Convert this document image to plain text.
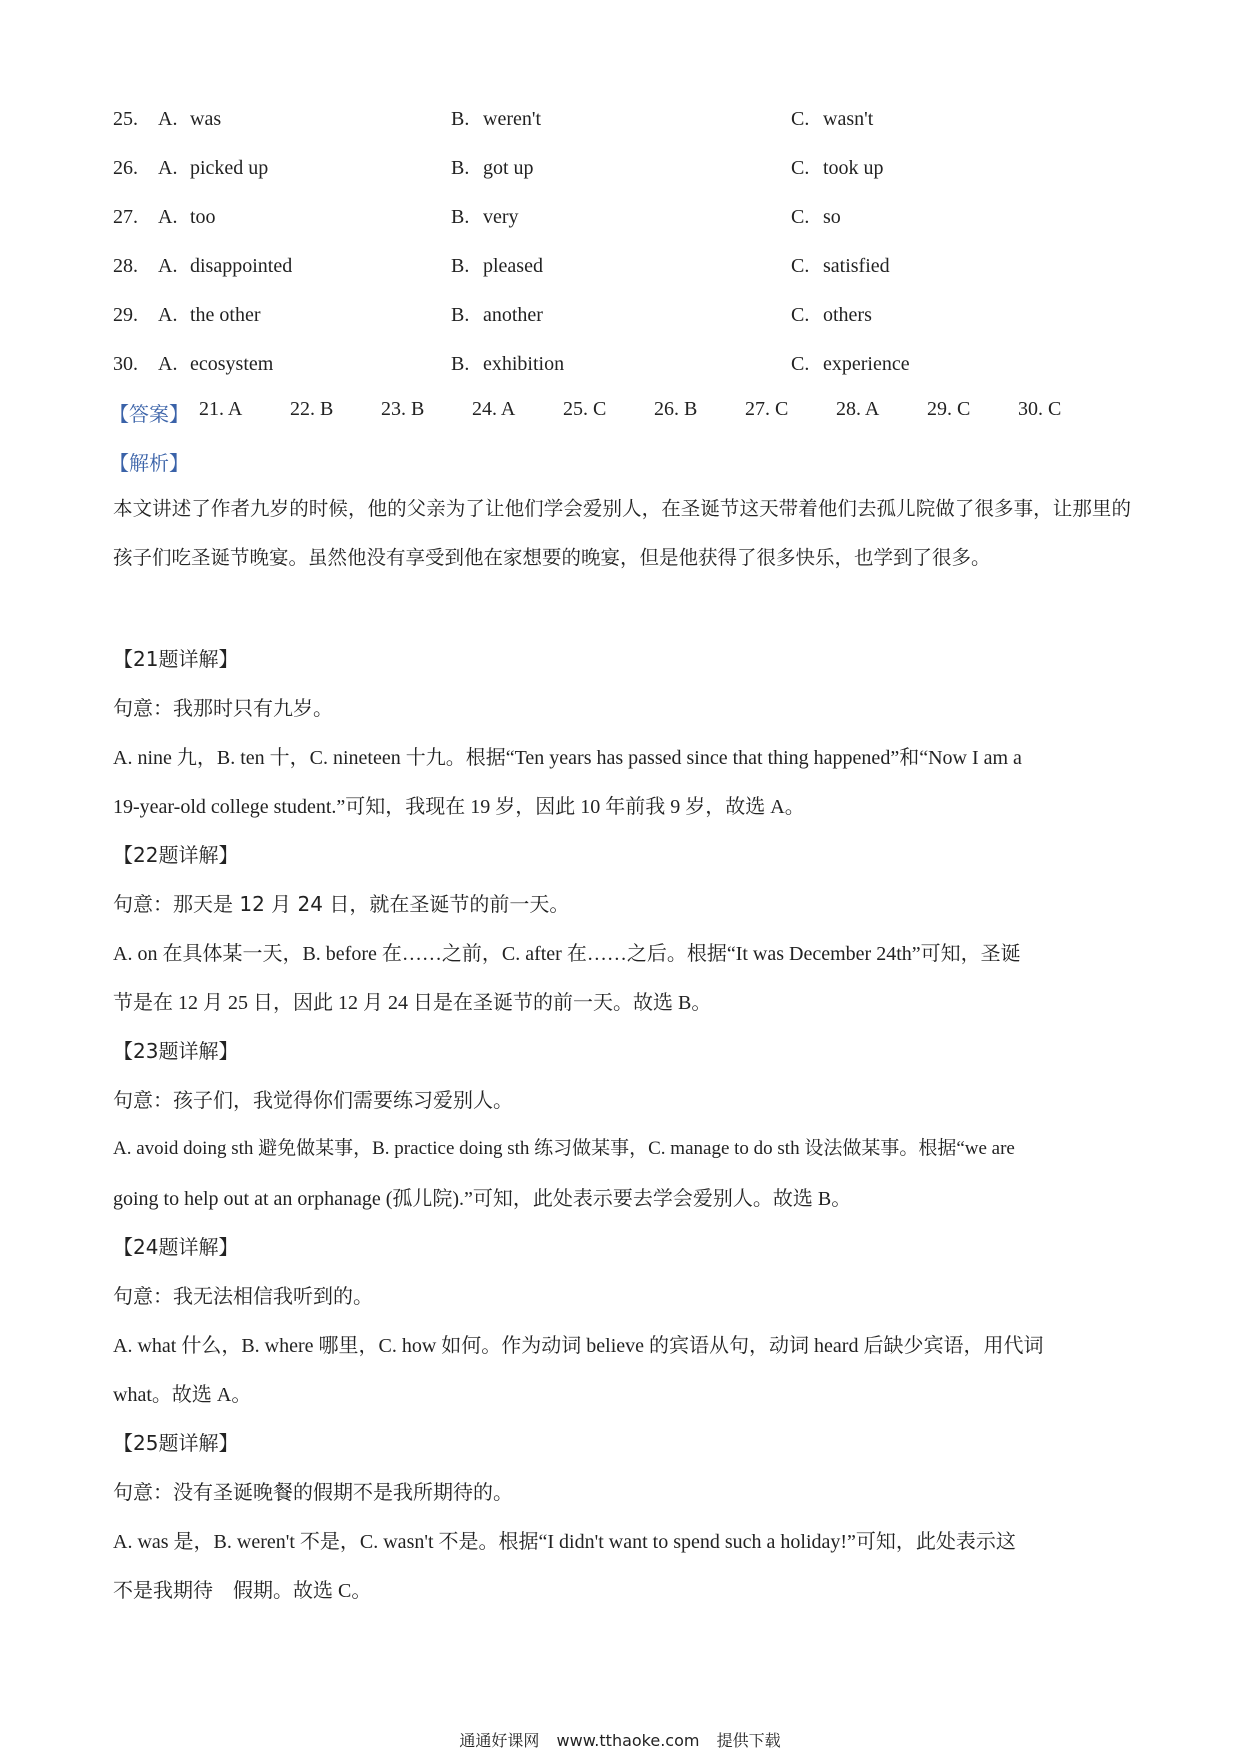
25. A. was	B. weren't	C. wasn't
26. A. picked up	B. got up	C. took up
27. A. too	B. very	C. so
28. A. disappointed	B. pleased	C. satisfied
29. A. the other	B. another	C. others
30. A. ecosystem	B. exhibition	C. experience
【答案】 21. A 22. B 23. B 24. A 25. C 26. B 27. C 28. A 29. C 30. C
【解析】
本文讲述了作者九岁的时候，他的父亲为了让他们学会爱别人，在圣诞节这天带着他们去孤儿院做了很多事，让那里的孩子们吃圣诞节晚宴。虽然他没有享受到他在家想要的晚宴，但是他获得了很多快乐，也学到了很多。
【21题详解】
句意：我那时只有九岁。
A. nine 九，B. ten 十，C. nineteen 十九。根据“Ten years has passed since that thing happened”和“Now I am a
19-year-old college student.”可知，我现在 19 岁，因此 10 年前我 9 岁，故选 A。
【22题详解】
句意：那天是 12 月 24 日，就在圣诞节的前一天。
A. on 在具体某一天，B. before 在……之前，C. after 在……之后。根据“It was December 24th”可知，圣诞
节是在 12 月 25 日，因此 12 月 24 日是在圣诞节的前一天。故选 B。
【23题详解】
句意：孩子们，我觉得你们需要练习爱别人。
A. avoid doing sth 避免做某事，B. practice doing sth 练习做某事，C. manage to do sth 设法做某事。根据“we are
going to help out at an orphanage (孤儿院).”可知，此处表示要去学会爱别人。故选 B。
【24题详解】
句意：我无法相信我听到的。
A. what 什么，B. where 哪里，C. how 如何。作为动词 believe 的宾语从句，动词 heard 后缺少宾语，用代词
what。故选 A。
【25题详解】
句意：没有圣诞晚餐的假期不是我所期待的。
A. was 是，B. weren't 不是，C. wasn't 不是。根据“I didn't want to spend such a holiday!”可知，此处表示这
不是我期待　假期。故选 C。
通通好课网 www.tthaoke.com 提供下载
